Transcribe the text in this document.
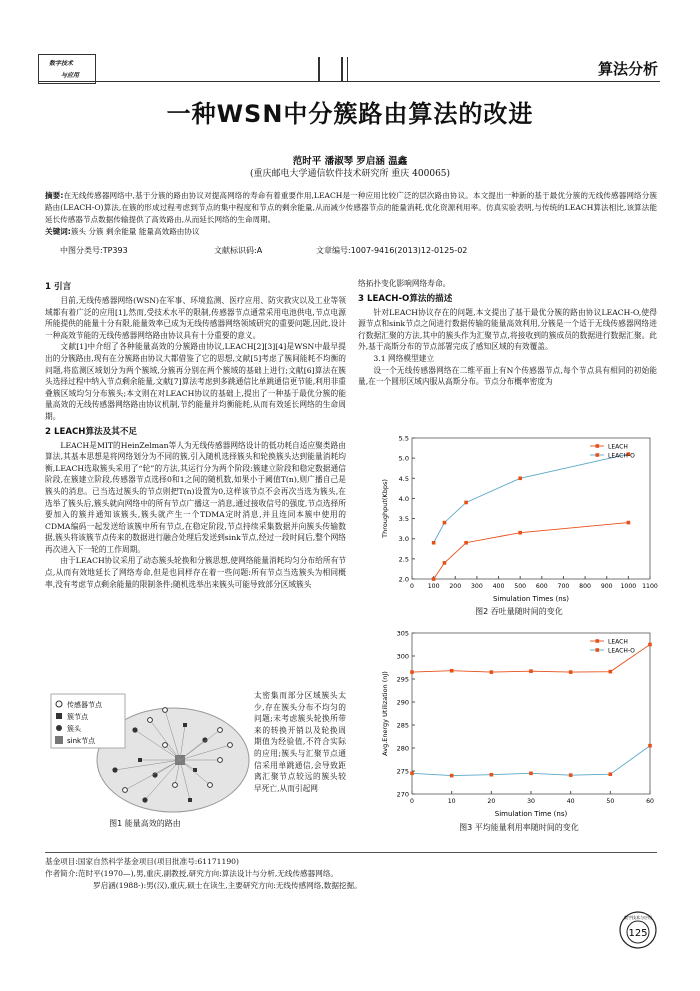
数字技术
与应用	算法分析
一种WSN中分簇路由算法的改进
范时平 潘淑琴 罗启涵 温鑫
(重庆邮电大学通信软件技术研究所 重庆 400065)
摘要:在无线传感器网络中,基于分簇的路由协议对提高网络的寿命有着重要作用,LEACH是一种应用比较广泛的层次路由协议。本文提出一种新的基于最优分簇的无线传感器网络分簇路由(LEACH-O)算法,在簇的形成过程考虑到节点的集中程度和节点的剩余能量,从而减少传感器节点的能量消耗,优化资源利用率。仿真实验表明,与传统的LEACH算法相比,该算法能延长传感器节点数据传输提供了高效路由,从而延长网络的生命周期。
关键词:簇头 分簇 剩余能量 能量高效路由协议
中图分类号:TP393	文献标识码:A	文章编号:1007-9416(2013)12-0125-02
1 引言

目前,无线传感器网络(WSN)在军事、环境监测、医疗应用、防灾救灾以及工业等领域都有着广泛的应用[1],然而,受技术水平的限制,传感器节点通常采用电池供电,节点电源所能提供的能量十分有限,能量效率已成为无线传感器网络领域研究的重要问题,因此,设计一种高效节能的无线传感器网络路由协议具有十分重要的意义。

文献[1]中介绍了各种能量高效的分簇路由协议,LEACH[2][3][4]是WSN中最早提出的分簇路由,现有在分簇路由协议大都借鉴了它的思想,文献[5]考虑了簇间能耗不均衡的问题,将监测区域划分为两个簇域,分簇再分别在两个簇域的基础上进行;文献[6]算法在簇头选择过程中纳入节点剩余能量,文献[7]算法考虑到多跳通信比单跳通信更节能,利用非重叠簇区域均匀分布簇头;本文则在对LEACH协议的基础上,提出了一种基于最优分簇的能量高效的无线传感器网络路由协议机制,节约能量并均衡能耗,从而有效延长网络的生命周期。

2 LEACH算法及其不足

LEACH是MIT的HeinZelman等人为无线传感器网络设计的低功耗自适应聚类路由算法,其基本思想是将网络划分为不同的簇,引入随机选择簇头和轮换簇头达到能量消耗均衡,LEACH选取簇头采用了“轮”的方法,其运行分为两个阶段:簇建立阶段和稳定数据通信阶段,在簇建立阶段,传感器节点选择0和1之间的随机数,如果小于阈值T(n),则广播自己是簇头的消息。已当选过簇头的节点则把T(n)设置为0,这样该节点不会再次当选为簇头,在选举了簇头后,簇头就向网络中的所有节点广播这一消息,通过接收信号的强度,节点选择所要加入的簇并通知该簇头,簇头就产生一个TDMA定时消息,并且连同本簇中使用的CDMA编码一起发送给该簇中所有节点,在稳定阶段,节点持续采集数据并向簇头传输数据,簇头将该簇节点传来的数据进行融合处理后发送到sink节点,经过一段时间后,整个网络再次进入下一轮的工作周期。

由于LEACH协议采用了动态簇头轮换和分簇思想,使网络能量消耗均匀分布给所有节点,从而有效地延长了网络寿命,但是也同样存在着一些问题:所有节点当选簇头为相同概率,没有考虑节点剩余能量的限制条件;随机选举出来簇头可能导致部分区域簇头

太密集而部分区域簇头太少,存在簇头分布不均匀的问题;未考虑簇头轮换所带来的转换开销以及轮换周期值为经验值,不符合实际的应用;簇头与汇聚节点通信采用单跳通信,会导致距离汇聚节点较远的簇头较早死亡,从而引起网
传感器节点
簇节点
簇头
sink节点
图1 能量高效的路由
络拓扑变化影响网络寿命。
3 LEACH-O算法的描述

针对LEACH协议存在的问题,本文提出了基于最优分簇的路由协议LEACH-O,使得源节点和sink节点之间进行数据传输的能量高效利用,分簇是一个适于无线传感器网络进行数据汇聚的方法,其中的簇头作为汇聚节点,将接收到的簇成员的数据进行数据汇聚。此外,基于高斯分布的节点部署完成了感知区域的有效覆盖。

3.1 网络模型建立

设一个无线传感器网络在二维平面上有N个传感器节点,每个节点具有相同的初始能量,在一个圆形区域内服从高斯分布。节点分布概率密度为

2.0
2.5
3.0
3.5
4.0
4.5
5.0
5.5
0 100 200 300 400 500 600 700 800 900 1000 1100
Simulation Times (ns)
Throughput(Kbps)
LEACH
LEACH-O
图2 吞吐量随时间的变化
270
275
280
285
290
295
300
305
0	10	20	30	40	50	60
Simulation Time (ns)
Avg.Energy Utilization (nJ)
LEACH
LEACH-O
图3 平均能量利用率随时间的变化
基金项目:国家自然科学基金项目(项目批准号:61171190)
作者简介:范时平(1970—),男,重庆,副教授,研究方向:算法设计与分析,无线传感器网络。
罗启涵(1988-):男(汉),重庆,硕士在读生,主要研究方向:无线传感网络,数据挖掘。
数字技术与应用
125
